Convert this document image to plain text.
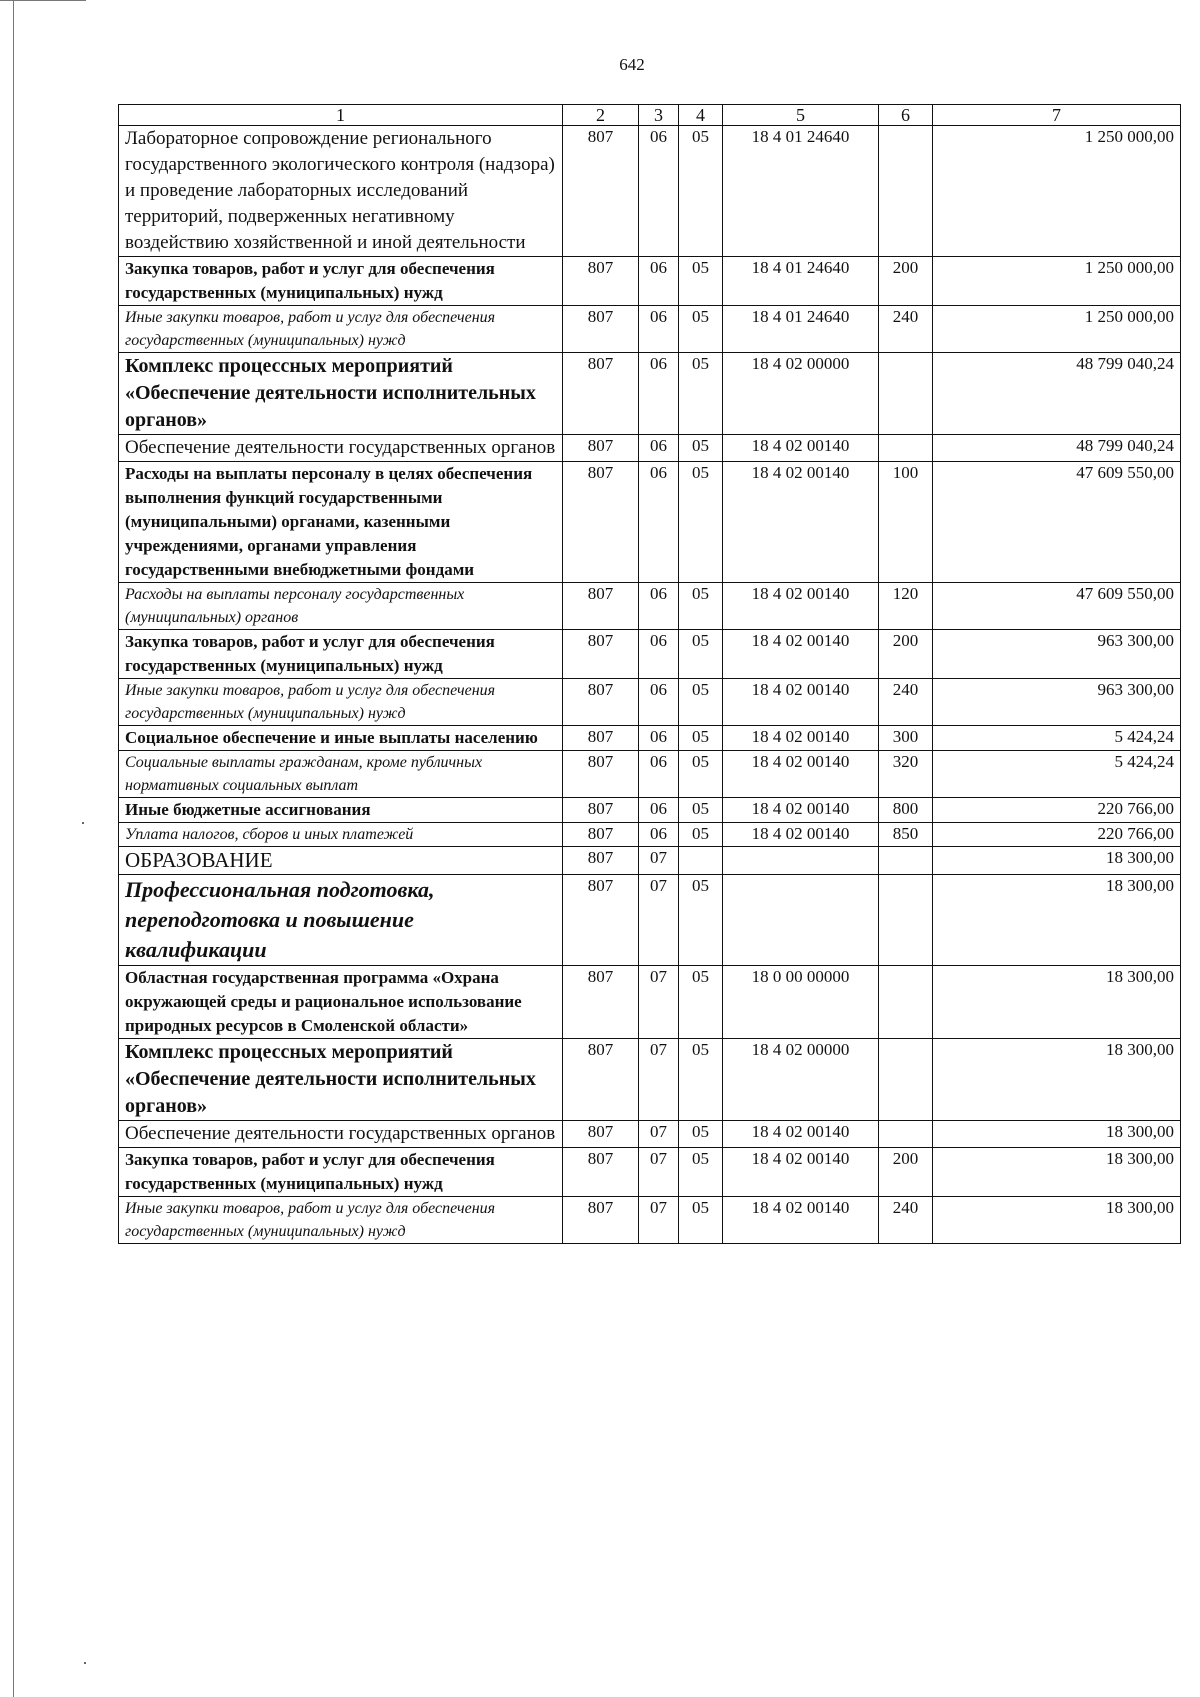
642
1	2	3	4	5	6	7
Лабораторное сопровождение регионального государственного экологического контроля (надзора) и проведение лабораторных исследований территорий, подверженных негативному воздействию хозяйственной и иной деятельности	807	06	05	18 4 01 24640		1 250 000,00
Закупка товаров, работ и услуг для обеспечения государственных (муниципальных) нужд	807	06	05	18 4 01 24640	200	1 250 000,00
Иные закупки товаров, работ и услуг для обеспечения государственных (муниципальных) нужд	807	06	05	18 4 01 24640	240	1 250 000,00
Комплекс процессных мероприятий «Обеспечение деятельности исполнительных органов»	807	06	05	18 4 02 00000		48 799 040,24
Обеспечение деятельности государственных органов	807	06	05	18 4 02 00140		48 799 040,24
Расходы на выплаты персоналу в целях обеспечения выполнения функций государственными (муниципальными) органами, казенными учреждениями, органами управления государственными внебюджетными фондами	807	06	05	18 4 02 00140	100	47 609 550,00
Расходы на выплаты персоналу государственных (муниципальных) органов	807	06	05	18 4 02 00140	120	47 609 550,00
Закупка товаров, работ и услуг для обеспечения государственных (муниципальных) нужд	807	06	05	18 4 02 00140	200	963 300,00
Иные закупки товаров, работ и услуг для обеспечения государственных (муниципальных) нужд	807	06	05	18 4 02 00140	240	963 300,00
Социальное обеспечение и иные выплаты населению	807	06	05	18 4 02 00140	300	5 424,24
Социальные выплаты гражданам, кроме публичных нормативных социальных выплат	807	06	05	18 4 02 00140	320	5 424,24
Иные бюджетные ассигнования	807	06	05	18 4 02 00140	800	220 766,00
Уплата налогов, сборов и иных платежей	807	06	05	18 4 02 00140	850	220 766,00
ОБРАЗОВАНИЕ	807	07				18 300,00
Профессиональная подготовка, переподготовка и повышение квалификации	807	07	05			18 300,00
Областная государственная программа «Охрана окружающей среды и рациональное использование природных ресурсов в Смоленской области»	807	07	05	18 0 00 00000		18 300,00
Комплекс процессных мероприятий «Обеспечение деятельности исполнительных органов»	807	07	05	18 4 02 00000		18 300,00
Обеспечение деятельности государственных органов	807	07	05	18 4 02 00140		18 300,00
Закупка товаров, работ и услуг для обеспечения государственных (муниципальных) нужд	807	07	05	18 4 02 00140	200	18 300,00
Иные закупки товаров, работ и услуг для обеспечения государственных (муниципальных) нужд	807	07	05	18 4 02 00140	240	18 300,00
